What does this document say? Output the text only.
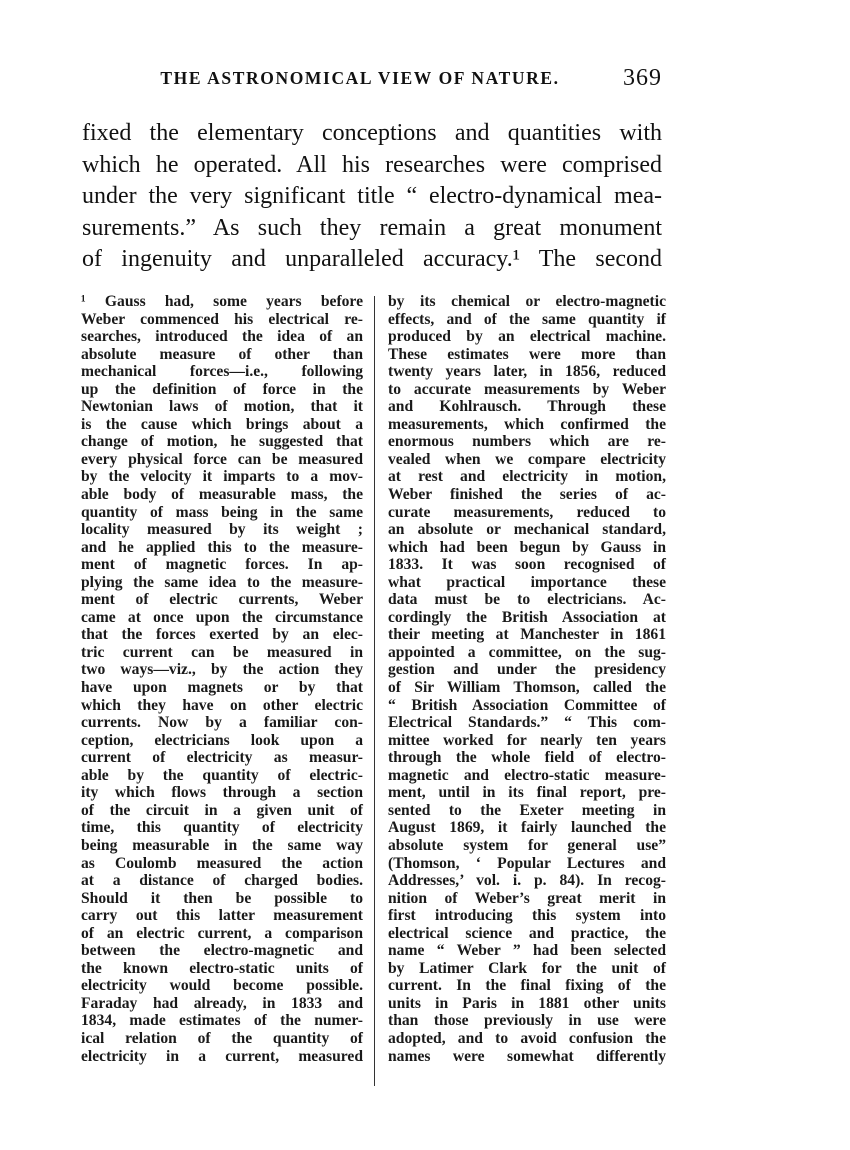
THE ASTRONOMICAL VIEW OF NATURE.	369
fixed the elementary conceptions and quantities with
which he operated. All his researches were comprised
under the very significant title “ electro-dynamical mea-
surements.” As such they remain a great monument
of ingenuity and unparalleled accuracy.¹ The second
¹ Gauss had, some years before
Weber commenced his electrical re-
searches, introduced the idea of an
absolute measure of other than
mechanical forces—i.e., following
up the definition of force in the
Newtonian laws of motion, that it
is the cause which brings about a
change of motion, he suggested that
every physical force can be measured
by the velocity it imparts to a mov-
able body of measurable mass, the
quantity of mass being in the same
locality measured by its weight ;
and he applied this to the measure-
ment of magnetic forces. In ap-
plying the same idea to the measure-
ment of electric currents, Weber
came at once upon the circumstance
that the forces exerted by an elec-
tric current can be measured in
two ways—viz., by the action they
have upon magnets or by that
which they have on other electric
currents. Now by a familiar con-
ception, electricians look upon a
current of electricity as measur-
able by the quantity of electric-
ity which flows through a section
of the circuit in a given unit of
time, this quantity of electricity
being measurable in the same way
as Coulomb measured the action
at a distance of charged bodies.
Should it then be possible to
carry out this latter measurement
of an electric current, a comparison
between the electro-magnetic and
the known electro-static units of
electricity would become possible.
Faraday had already, in 1833 and
1834, made estimates of the numer-
ical relation of the quantity of
electricity in a current, measured
by its chemical or electro-magnetic
effects, and of the same quantity if
produced by an electrical machine.
These estimates were more than
twenty years later, in 1856, reduced
to accurate measurements by Weber
and Kohlrausch. Through these
measurements, which confirmed the
enormous numbers which are re-
vealed when we compare electricity
at rest and electricity in motion,
Weber finished the series of ac-
curate measurements, reduced to
an absolute or mechanical standard,
which had been begun by Gauss in
1833. It was soon recognised of
what practical importance these
data must be to electricians. Ac-
cordingly the British Association at
their meeting at Manchester in 1861
appointed a committee, on the sug-
gestion and under the presidency
of Sir William Thomson, called the
“ British Association Committee of
Electrical Standards.” “ This com-
mittee worked for nearly ten years
through the whole field of electro-
magnetic and electro-static measure-
ment, until in its final report, pre-
sented to the Exeter meeting in
August 1869, it fairly launched the
absolute system for general use”
(Thomson, ‘ Popular Lectures and
Addresses,’ vol. i. p. 84). In recog-
nition of Weber’s great merit in
first introducing this system into
electrical science and practice, the
name “ Weber ” had been selected
by Latimer Clark for the unit of
current. In the final fixing of the
units in Paris in 1881 other units
than those previously in use were
adopted, and to avoid confusion the
names were somewhat differently
